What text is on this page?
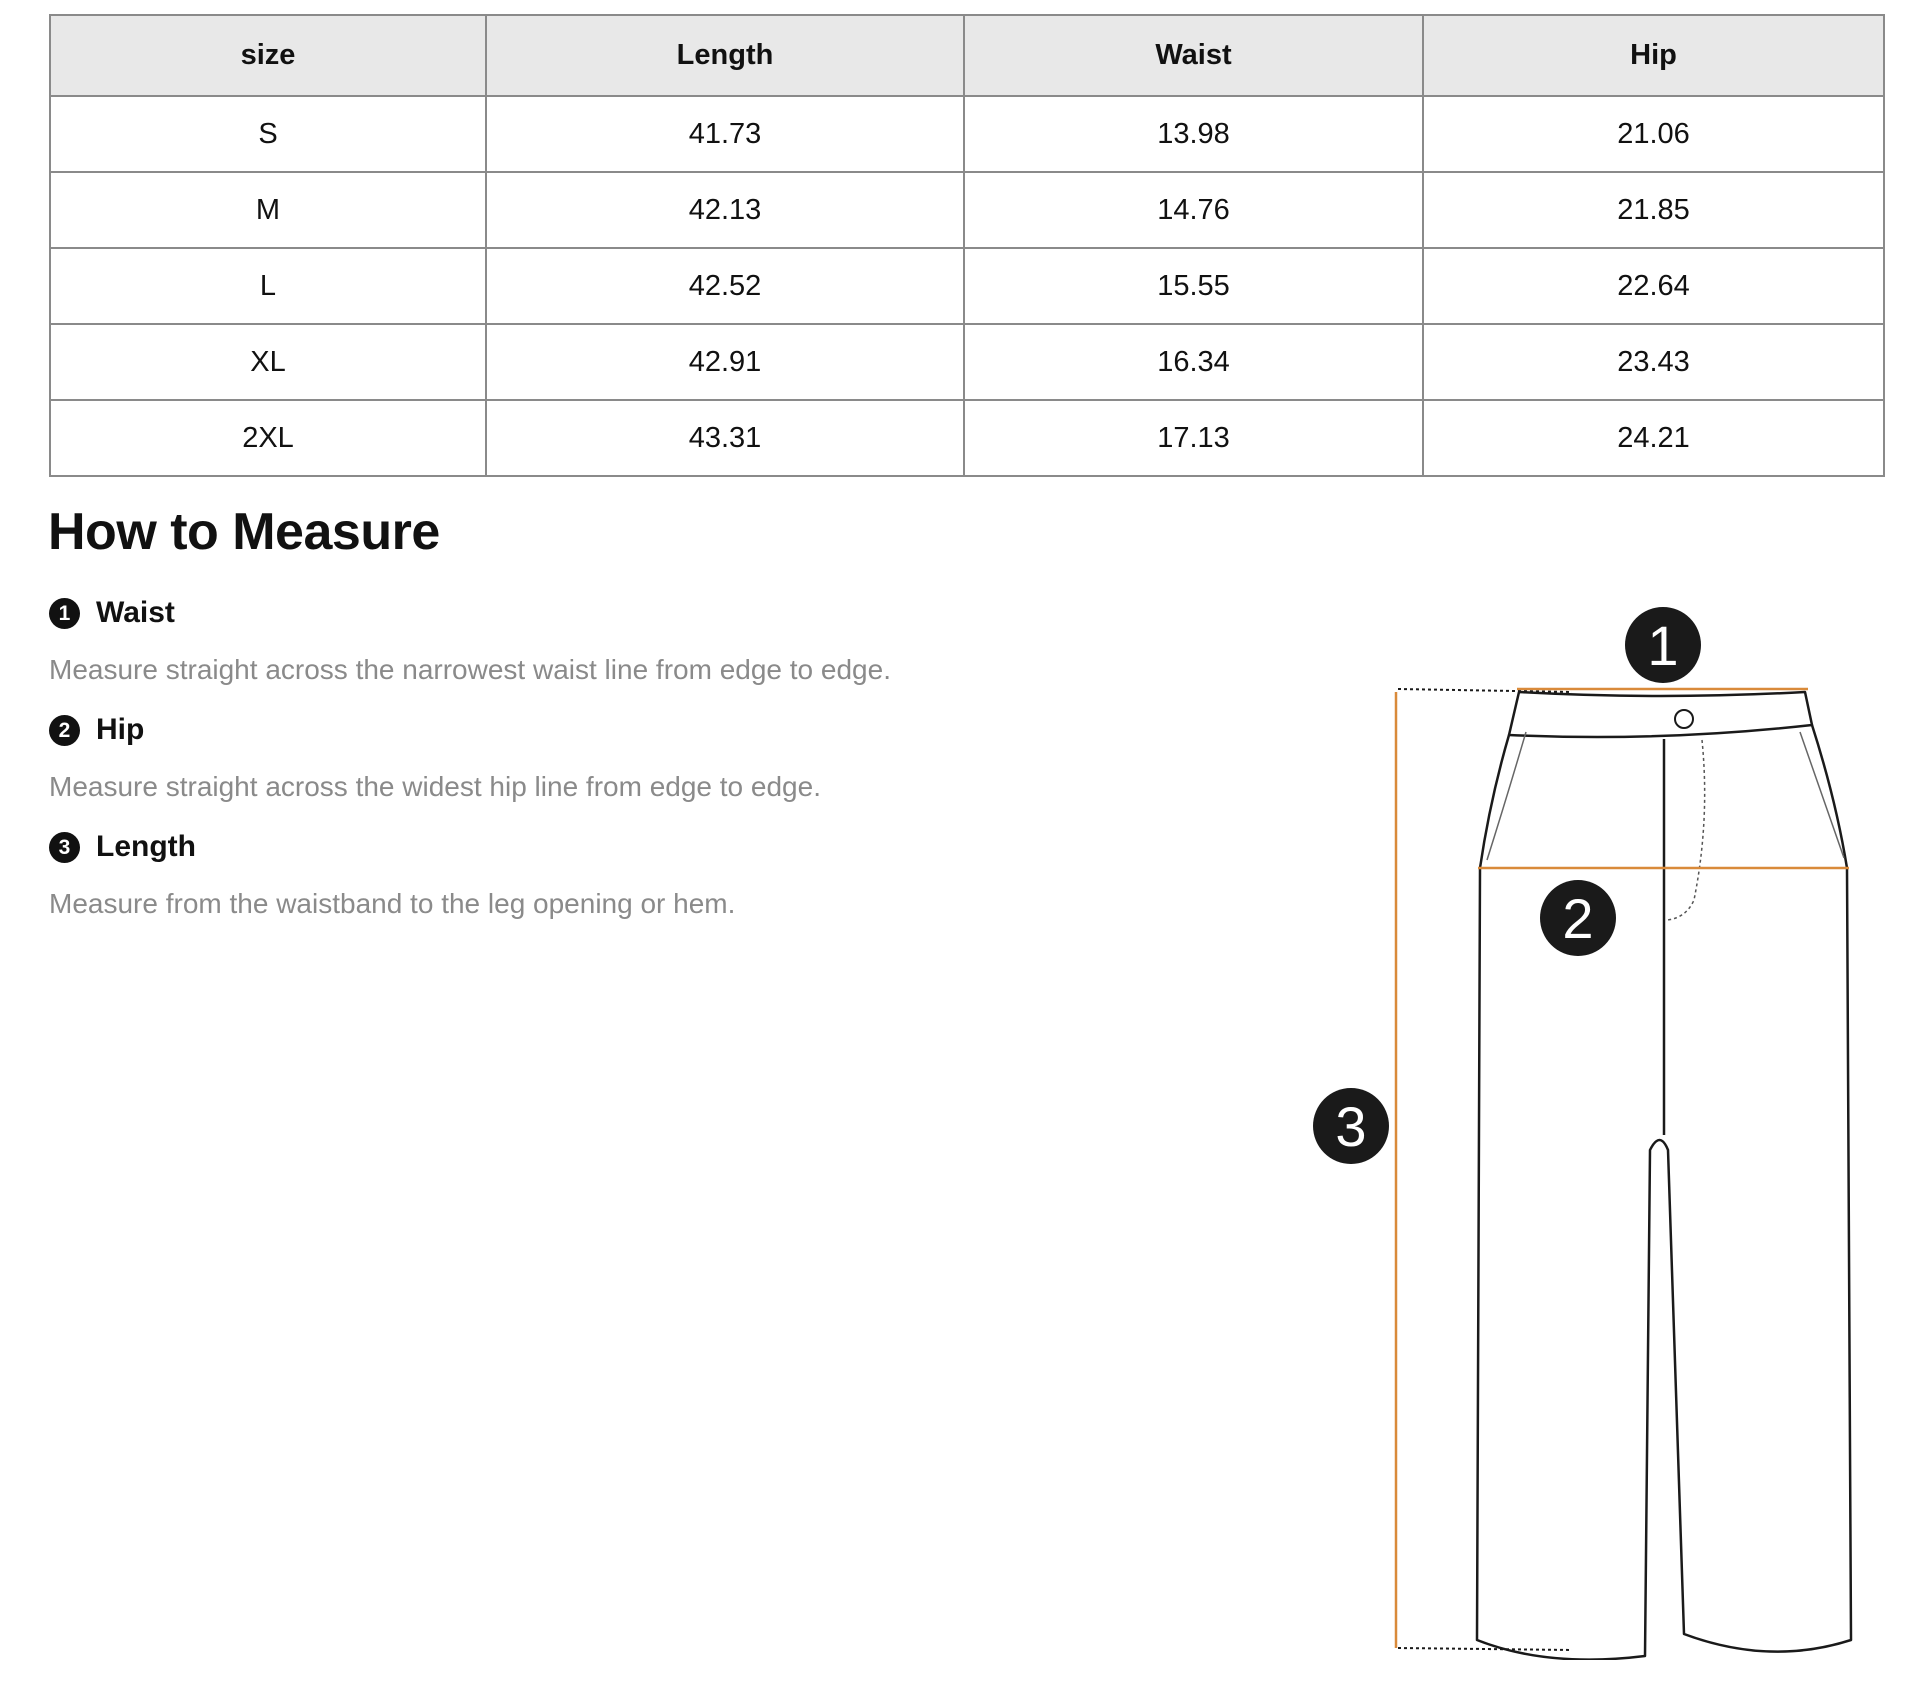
size	Length	Waist	Hip
S	41.73	13.98	21.06
M	42.13	14.76	21.85
L	42.52	15.55	22.64
XL	42.91	16.34	23.43
2XL	43.31	17.13	24.21
How to Measure
1 Waist

Measure straight across the narrowest waist line from edge to edge.

2 Hip

Measure straight across the widest hip line from edge to edge.

3 Length

Measure from the waistband to the leg opening or hem.

1
2
3
